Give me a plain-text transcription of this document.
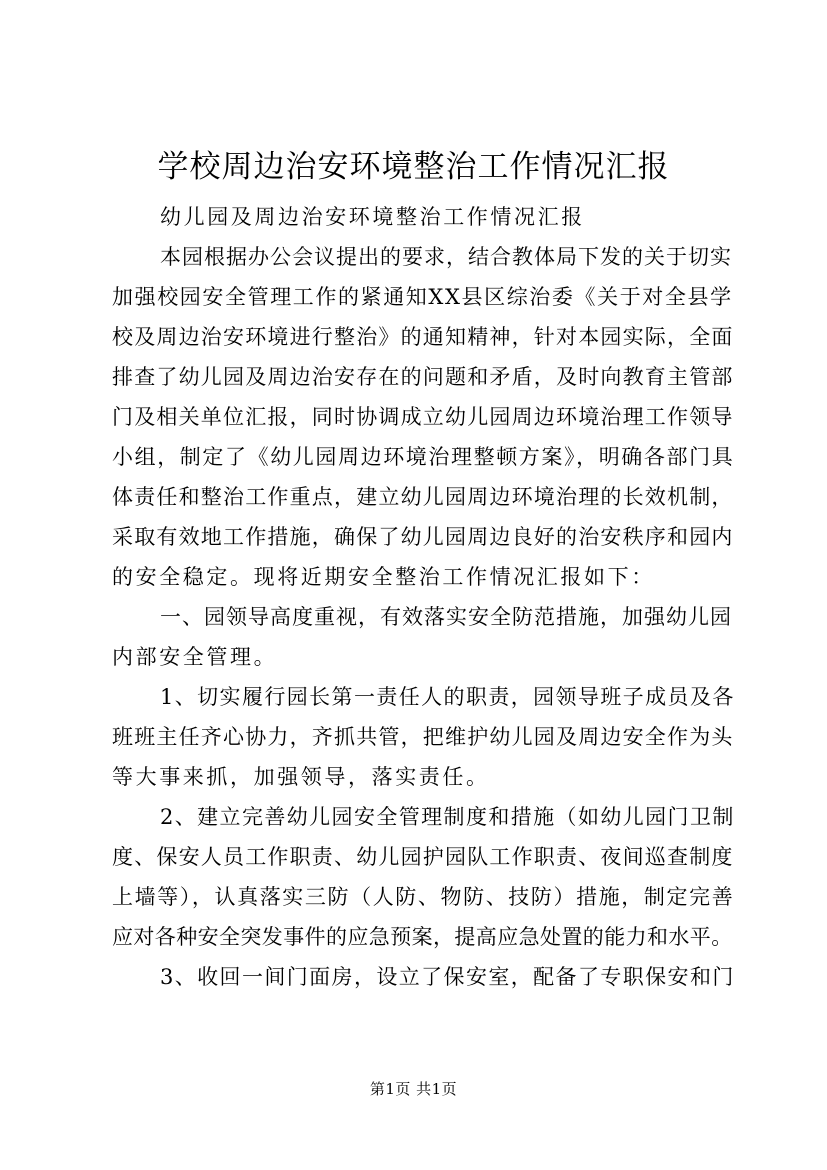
学校周边治安环境整治工作情况汇报
幼儿园及周边治安环境整治工作情况汇报
本园根据办公会议提出的要求，结合教体局下发的关于切实
加强校园安全管理工作的紧通知XX县区综治委《关于对全县学
校及周边治安环境进行整治》的通知精神，针对本园实际，全面
排查了幼儿园及周边治安存在的问题和矛盾，及时向教育主管部
门及相关单位汇报，同时协调成立幼儿园周边环境治理工作领导
小组，制定了《幼儿园周边环境治理整顿方案》，明确各部门具
体责任和整治工作重点，建立幼儿园周边环境治理的长效机制，
采取有效地工作措施，确保了幼儿园周边良好的治安秩序和园内
的安全稳定。现将近期安全整治工作情况汇报如下：
一、园领导高度重视，有效落实安全防范措施，加强幼儿园
内部安全管理。
1、切实履行园长第一责任人的职责，园领导班子成员及各
班班主任齐心协力，齐抓共管，把维护幼儿园及周边安全作为头
等大事来抓，加强领导，落实责任。
2、建立完善幼儿园安全管理制度和措施（如幼儿园门卫制
度、保安人员工作职责、幼儿园护园队工作职责、夜间巡查制度
上墙等），认真落实三防（人防、物防、技防）措施，制定完善
应对各种安全突发事件的应急预案，提高应急处置的能力和水平。
3、收回一间门面房，设立了保安室，配备了专职保安和门
第1页 共1页
